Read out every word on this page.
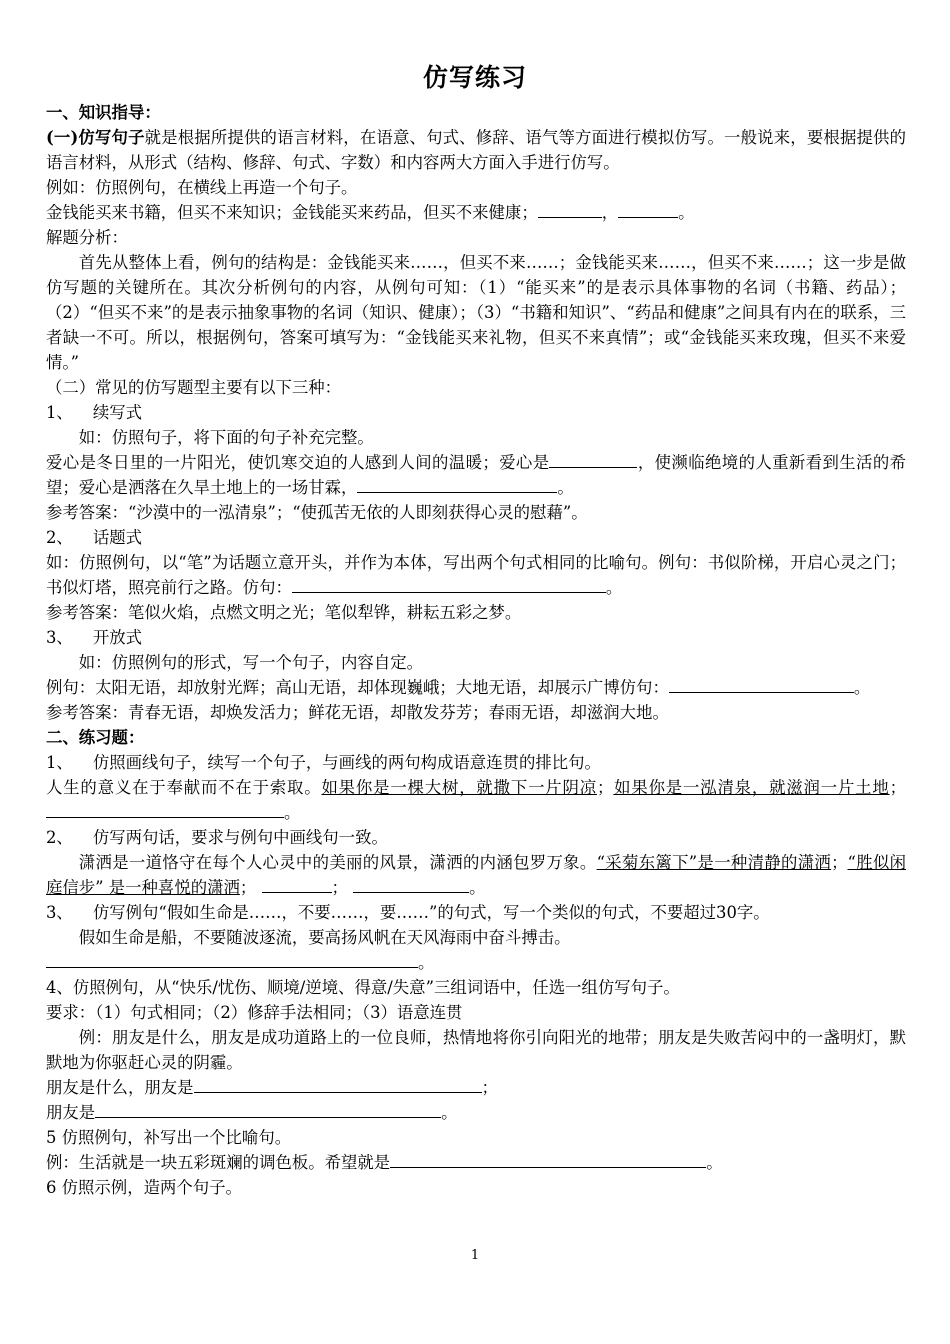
仿写练习

一、知识指导：

(一)仿写句子就是根据所提供的语言材料，在语意、句式、修辞、语气等方面进行模拟仿写。一般说来，要根据提供的语言材料，从形式（结构、修辞、句式、字数）和内容两大方面入手进行仿写。

例如：仿照例句，在横线上再造一个句子。

金钱能买来书籍，但买不来知识；金钱能买来药品，但买不来健康；	，	。

解题分析：

首先从整体上看，例句的结构是：金钱能买来……，但买不来……；金钱能买来……，但买不来……；这一步是做仿写题的关键所在。其次分析例句的内容，从例句可知：（1）“能买来”的是表示具体事物的名词（书籍、药品）；（2）“但买不来”的是表示抽象事物的名词（知识、健康）；（3）“书籍和知识”、“药品和健康”之间具有内在的联系，三者缺一不可。所以，根据例句，答案可填写为：“金钱能买来礼物，但买不来真情”；或“金钱能买来玫瑰，但买不来爱情。”

（二）常见的仿写题型主要有以下三种：

1、 续写式

如：仿照句子，将下面的句子补充完整。

爱心是冬日里的一片阳光，使饥寒交迫的人感到人间的温暖；爱心是	，使濒临绝境的人重新看到生活的希望；爱心是洒落在久旱土地上的一场甘霖，	。

参考答案：“沙漠中的一泓清泉”；“使孤苦无依的人即刻获得心灵的慰藉”。

2、 话题式

如：仿照例句，以“笔”为话题立意开头，并作为本体，写出两个句式相同的比喻句。例句：书似阶梯，开启心灵之门；书似灯塔，照亮前行之路。仿句：	。

参考答案：笔似火焰，点燃文明之光；笔似犁铧，耕耘五彩之梦。

3、 开放式

如：仿照例句的形式，写一个句子，内容自定。

例句：太阳无语，却放射光辉；高山无语，却体现巍峨；大地无语，却展示广博仿句：	。

参考答案：青春无语，却焕发活力；鲜花无语，却散发芬芳；春雨无语，却滋润大地。

二、练习题：

1、 仿照画线句子，续写一个句子，与画线的两句构成语意连贯的排比句。

人生的意义在于奉献而不在于索取。如果你是一棵大树，就撒下一片阴凉；如果你是一泓清泉，就滋润一片土地； 。

2、 仿写两句话，要求与例句中画线句一致。

潇洒是一道恪守在每个人心灵中的美丽的风景，潇洒的内涵包罗万象。“采菊东篱下”是一种清静的潇洒；“胜似闲庭信步” 是一种喜悦的潇洒；	；	。

3、 仿写例句“假如生命是……，不要……，要……”的句式，写一个类似的句式，不要超过30字。

假如生命是船，不要随波逐流，要高扬风帆在天风海雨中奋斗搏击。

。

4、仿照例句，从“快乐/忧伤、顺境/逆境、得意/失意”三组词语中，任选一组仿写句子。

要求：（1）句式相同；（2）修辞手法相同；（3）语意连贯

例：朋友是什么，朋友是成功道路上的一位良师，热情地将你引向阳光的地带；朋友是失败苦闷中的一盏明灯，默默地为你驱赶心灵的阴霾。

朋友是什么，朋友是	；

朋友是	。

5 仿照例句，补写出一个比喻句。

例：生活就是一块五彩斑斓的调色板。希望就是	。

6 仿照示例，造两个句子。

1
